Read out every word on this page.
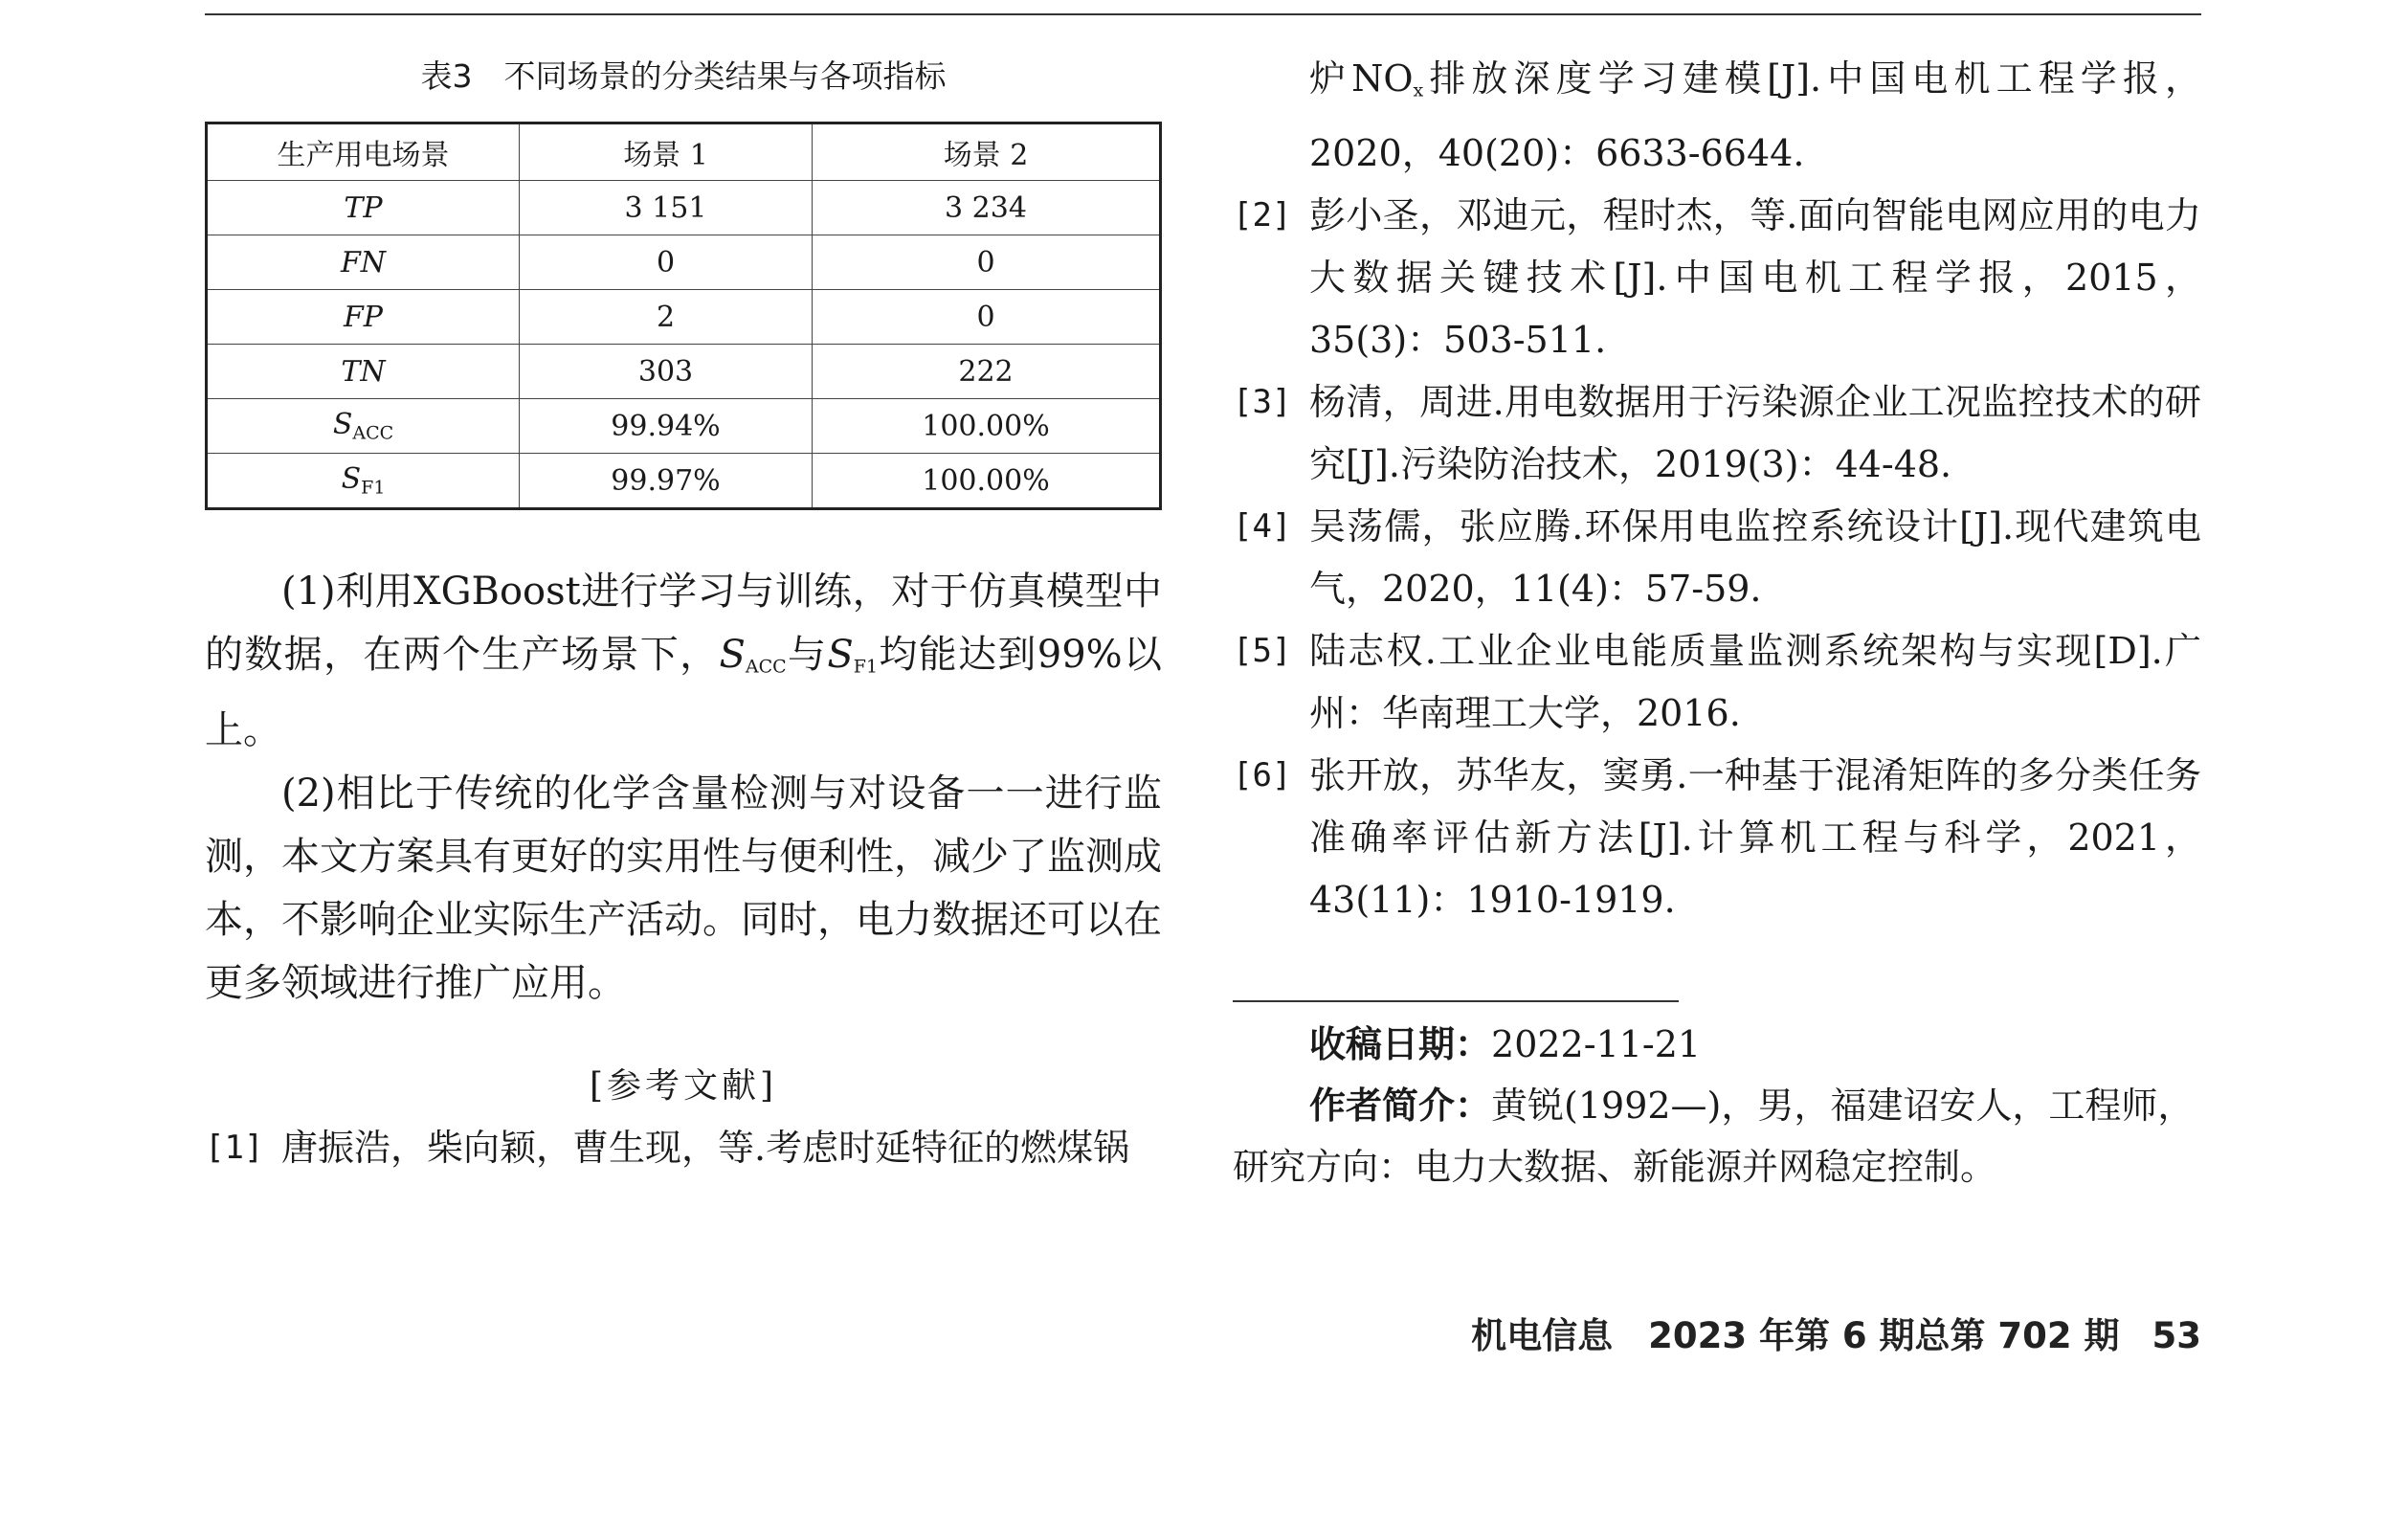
表3　不同场景的分类结果与各项指标
生产用电场景	场景 1	场景 2
TP	3 151	3 234
FN	0	0
FP	2	0
TN	303	222
$S_{ACC}$	99.94%	100.00%
$S_{F1}$	99.97%	100.00%

(1)利用XGBoost进行学习与训练，对于仿真模型中的数据，在两个生产场景下，$S_{ACC}$与$S_{F1}$均能达到99%以上。

(2)相比于传统的化学含量检测与对设备一一进行监测，本文方案具有更好的实用性与便利性，减少了监测成本，不影响企业实际生产活动。同时，电力数据还可以在更多领域进行推广应用。

[参考文献]
[1] 唐振浩，柴向颖，曹生现，等.考虑时延特征的燃煤锅
炉$NO_x$排放深度学习建模[J].中国电机工程学报，2020，40(20)：6633-6644.
[2] 彭小圣，邓迪元，程时杰，等.面向智能电网应用的电力大数据关键技术[J].中国电机工程学报，2015，35(3)：503-511.
[3] 杨清，周进.用电数据用于污染源企业工况监控技术的研究[J].污染防治技术，2019(3)：44-48.
[4] 吴荡儒，张应腾.环保用电监控系统设计[J].现代建筑电气，2020，11(4)：57-59.
[5] 陆志权.工业企业电能质量监测系统架构与实现[D].广州：华南理工大学，2016.
[6] 张开放，苏华友，窦勇.一种基于混淆矩阵的多分类任务准确率评估新方法[J].计算机工程与科学，2021，43(11)：1910-1919.

收稿日期：2022-11-21

作者简介：黄锐(1992—)，男，福建诏安人，工程师，研究方向：电力大数据、新能源并网稳定控制。

机电信息　2023 年第 6 期总第 702 期 53
